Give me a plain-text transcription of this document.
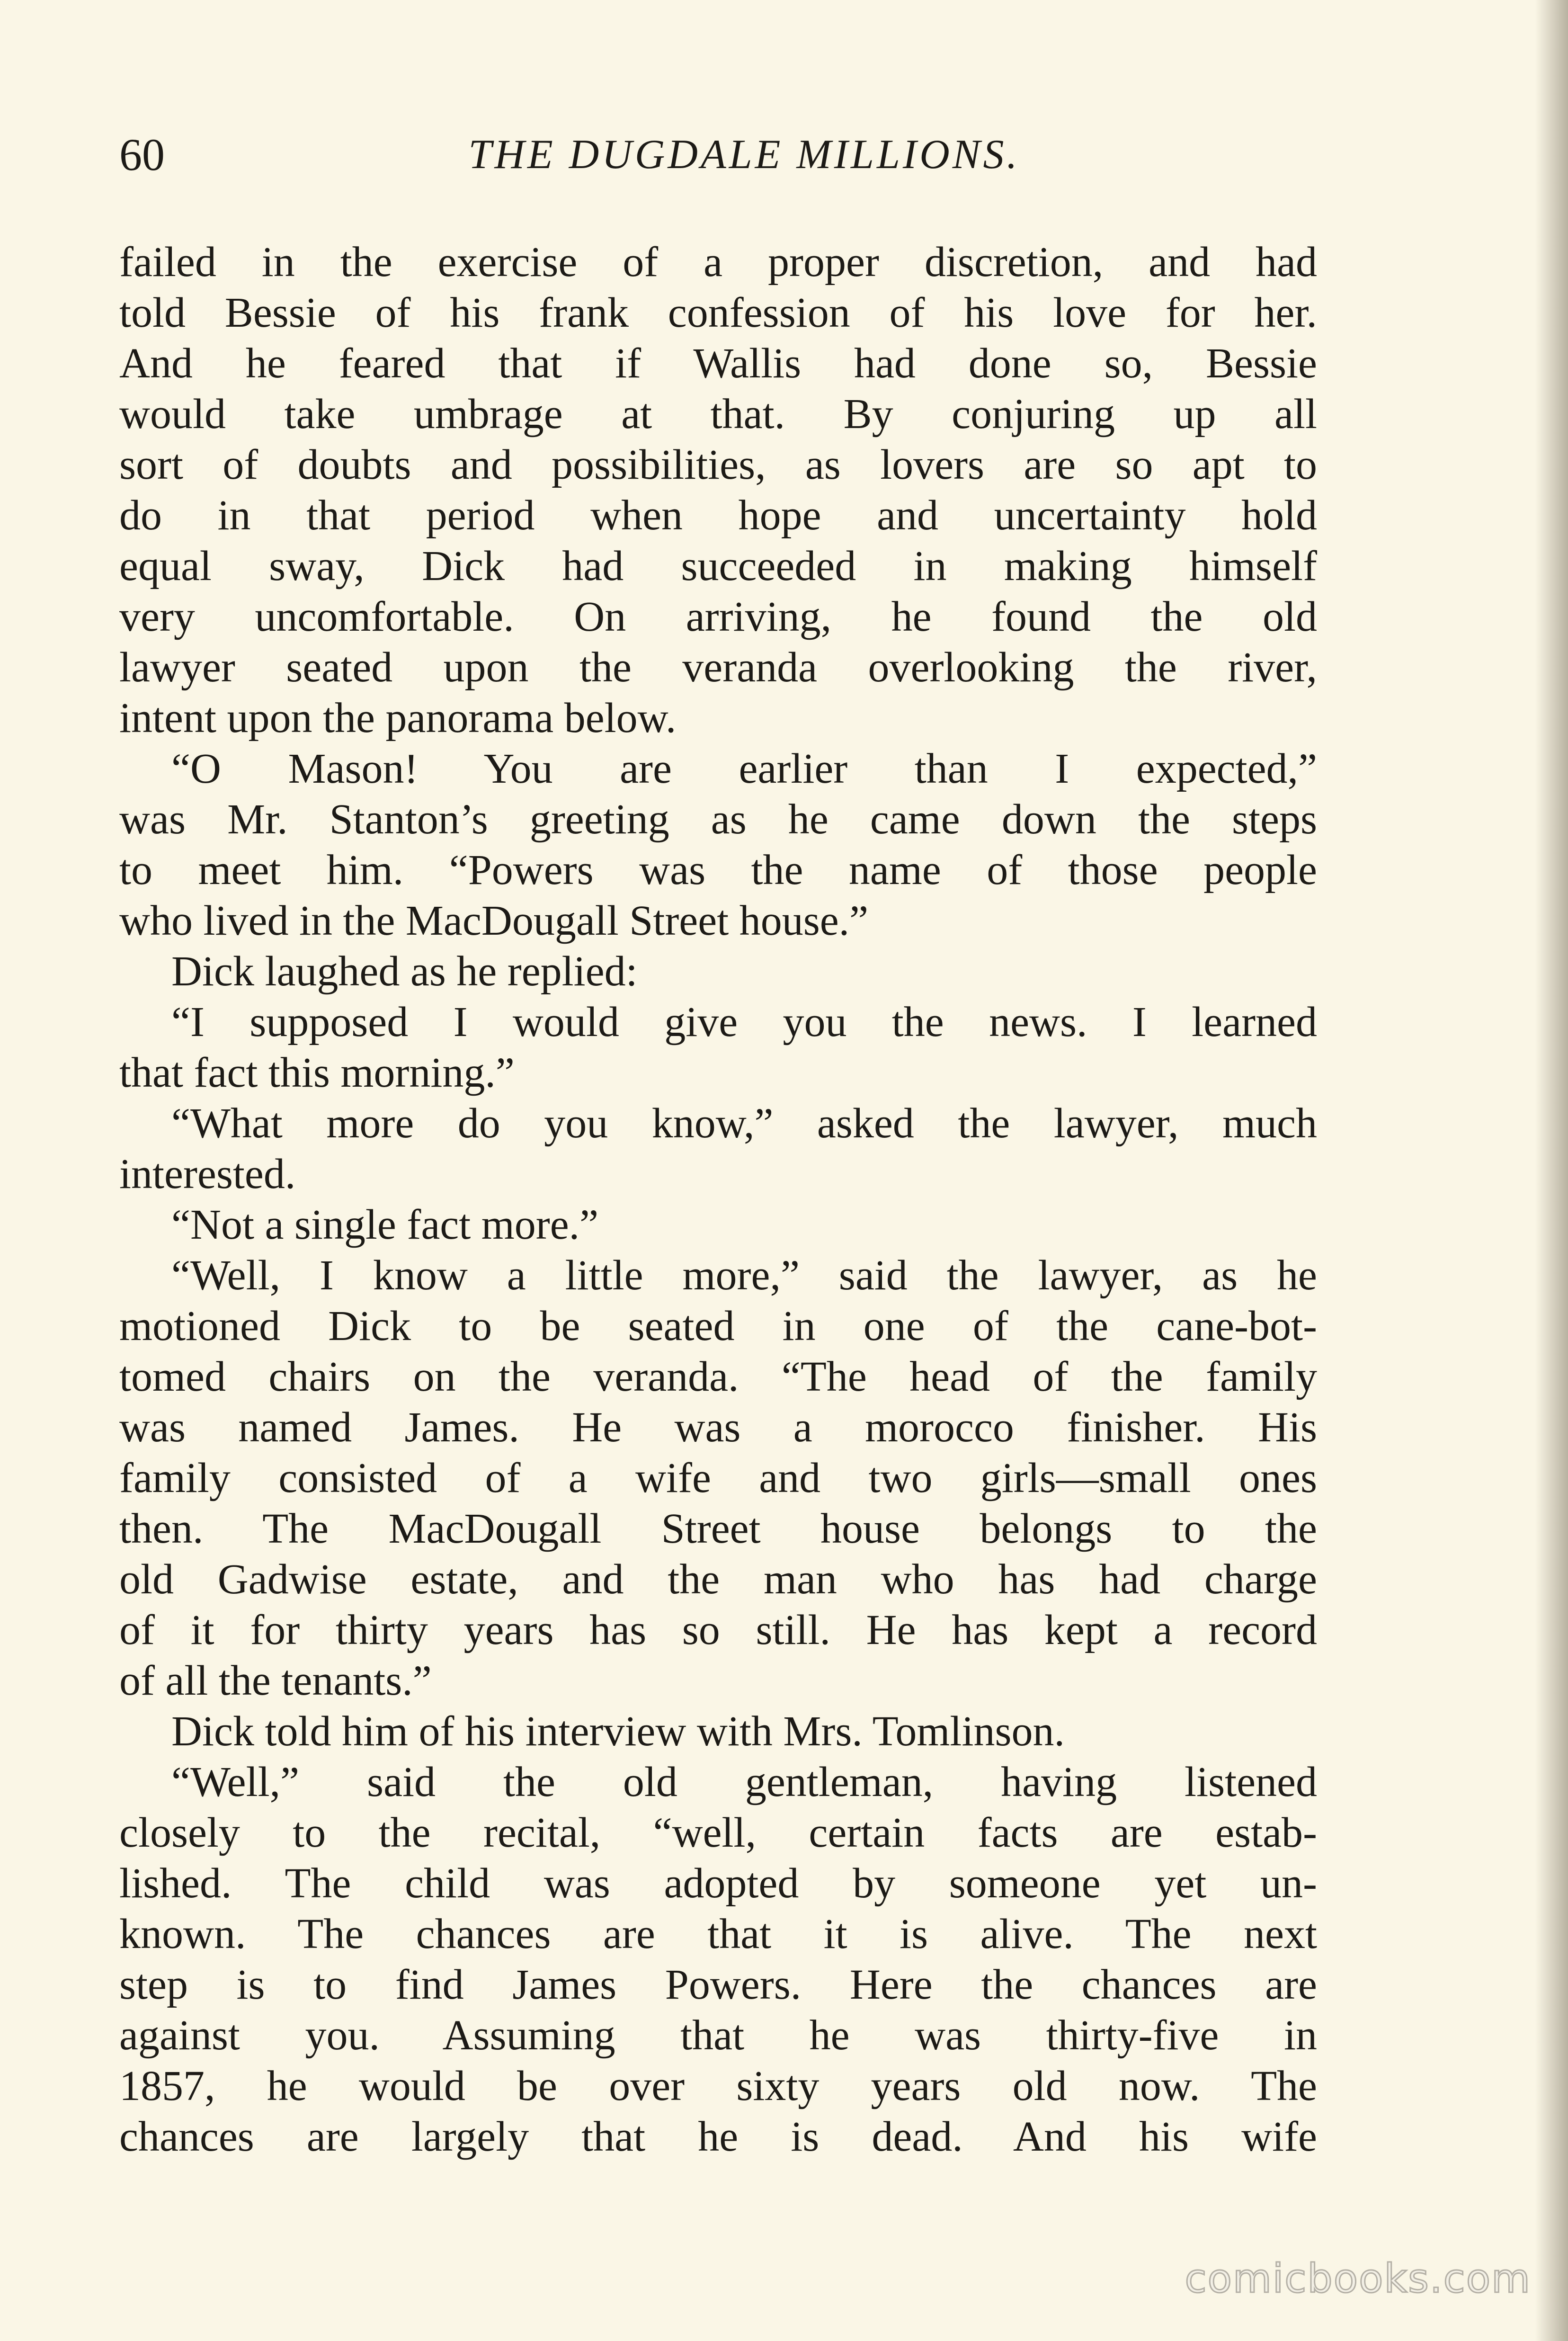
60	THE DUGDALE MILLIONS.
failed in the exercise of a proper discretion, and had
told Bessie of his frank confession of his love for her.
And he feared that if Wallis had done so, Bessie
would take umbrage at that. By conjuring up all
sort of doubts and possibilities, as lovers are so apt to
do in that period when hope and uncertainty hold
equal sway, Dick had succeeded in making himself
very uncomfortable. On arriving, he found the old
lawyer seated upon the veranda overlooking the river,
intent upon the panorama below.
“O Mason! You are earlier than I expected,”
was Mr. Stanton’s greeting as he came down the steps
to meet him. “Powers was the name of those people
who lived in the MacDougall Street house.”
Dick laughed as he replied:
“I supposed I would give you the news. I learned
that fact this morning.”
“What more do you know,” asked the lawyer, much
interested.
“Not a single fact more.”
“Well, I know a little more,” said the lawyer, as he
motioned Dick to be seated in one of the cane-bot-
tomed chairs on the veranda. “The head of the family
was named James. He was a morocco finisher. His
family consisted of a wife and two girls—small ones
then. The MacDougall Street house belongs to the
old Gadwise estate, and the man who has had charge
of it for thirty years has so still. He has kept a record
of all the tenants.”
Dick told him of his interview with Mrs. Tomlinson.
“Well,” said the old gentleman, having listened
closely to the recital, “well, certain facts are estab-
lished. The child was adopted by someone yet un-
known. The chances are that it is alive. The next
step is to find James Powers. Here the chances are
against you. Assuming that he was thirty-five in
1857, he would be over sixty years old now. The
chances are largely that he is dead. And his wife
comicbooks.com
